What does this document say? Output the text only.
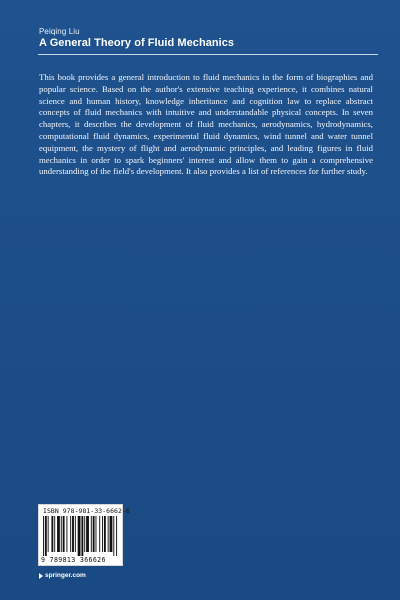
Peiqing Liu
A General Theory of Fluid Mechanics

This book provides a general introduction to fluid mechanics in the form of biographies and popular science. Based on the author's extensive teaching experience, it combines natural science and human history, knowledge inheritance and cognition law to replace abstract concepts of fluid mechanics with intuitive and understandable physical concepts. In seven chapters, it describes the development of fluid mechanics, aerodynamics, hydrodynamics, computational fluid dynamics, experimental fluid dynamics, wind tunnel and water tunnel equipment, the mystery of flight and aerodynamic principles, and leading figures in fluid mechanics in order to spark beginners' interest and allow them to gain a comprehensive understanding of the field's development. It also provides a list of references for further study.

ISBN 978-981-33-6662-6
9 789813 366626
springer.com
